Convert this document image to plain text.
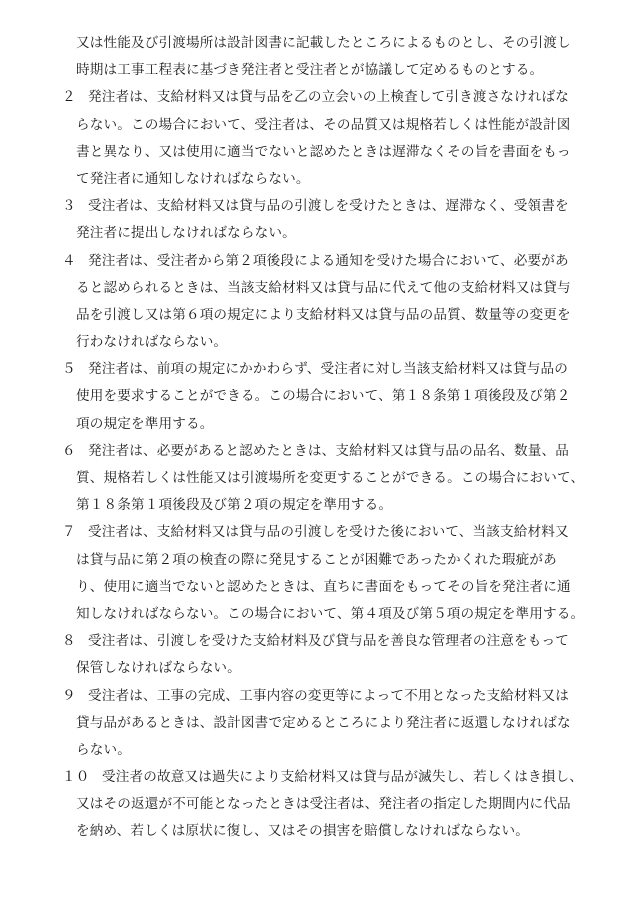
又は性能及び引渡場所は設計図書に記載したところによるものとし、その引渡し
時期は工事工程表に基づき発注者と受注者とが協議して定めるものとする。
２ 発注者は、支給材料又は貸与品を乙の立会いの上検査して引き渡さなければな
らない。この場合において、受注者は、その品質又は規格若しくは性能が設計図
書と異なり、又は使用に適当でないと認めたときは遅滞なくその旨を書面をもっ
て発注者に通知しなければならない。
３ 受注者は、支給材料又は貸与品の引渡しを受けたときは、遅滞なく、受領書を
発注者に提出しなければならない。
４ 発注者は、受注者から第２項後段による通知を受けた場合において、必要があ
ると認められるときは、当該支給材料又は貸与品に代えて他の支給材料又は貸与
品を引渡し又は第６項の規定により支給材料又は貸与品の品質、数量等の変更を
行わなければならない。
５ 発注者は、前項の規定にかかわらず、受注者に対し当該支給材料又は貸与品の
使用を要求することができる。この場合において、第１８条第１項後段及び第２
項の規定を準用する。
６ 発注者は、必要があると認めたときは、支給材料又は貸与品の品名、数量、品
質、規格若しくは性能又は引渡場所を変更することができる。この場合において、
第１８条第１項後段及び第２項の規定を準用する。
７ 受注者は、支給材料又は貸与品の引渡しを受けた後において、当該支給材料又
は貸与品に第２項の検査の際に発見することが困難であったかくれた瑕疵があ
り、使用に適当でないと認めたときは、直ちに書面をもってその旨を発注者に通
知しなければならない。この場合において、第４項及び第５項の規定を準用する。
８ 受注者は、引渡しを受けた支給材料及び貸与品を善良な管理者の注意をもって
保管しなければならない。
９ 受注者は、工事の完成、工事内容の変更等によって不用となった支給材料又は
貸与品があるときは、設計図書で定めるところにより発注者に返還しなければな
らない。
１０ 受注者の故意又は過失により支給材料又は貸与品が滅失し、若しくはき損し、
又はその返還が不可能となったときは受注者は、発注者の指定した期間内に代品
を納め、若しくは原状に復し、又はその損害を賠償しなければならない。
